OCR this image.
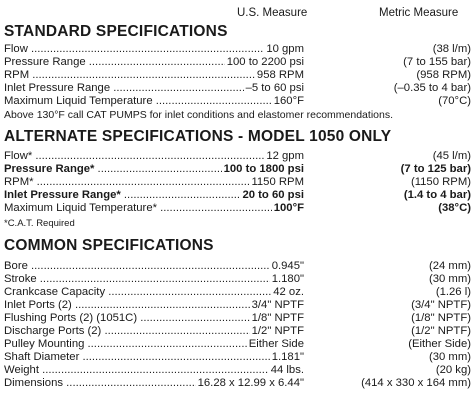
U.S. Measure	Metric Measure
STANDARD SPECIFICATIONS
Flow .....	10 gpm	(38 l/m)
Pressure Range .....	100 to 2200 psi	(7 to 155 bar)
RPM .....	958 RPM	(958 RPM)
Inlet Pressure Range .....	–5 to 60 psi	(–0.35 to 4 bar)
Maximum Liquid Temperature .....	160°F	(70°C)
Above 130°F call CAT PUMPS for inlet conditions and elastomer recommendations.
ALTERNATE SPECIFICATIONS - MODEL 1050 ONLY
Flow* .....	12 gpm	(45 l/m)
Pressure Range* .....	100 to 1800 psi	(7 to 125 bar)
RPM* .....	1150 RPM	(1150 RPM)
Inlet Pressure Range* .....	20 to 60 psi	(1.4 to 4 bar)
Maximum Liquid Temperature* .....	100°F	(38°C)
*C.A.T. Required
COMMON SPECIFICATIONS
Bore .....	0.945"	(24 mm)
Stroke .....	1.180"	(30 mm)
Crankcase Capacity .....	42 oz.	(1.26 l)
Inlet Ports (2) .....	3/4" NPTF	(3/4" NPTF)
Flushing Ports (2) (1051C) .....	1/8" NPTF	(1/8" NPTF)
Discharge Ports (2) .....	1/2" NPTF	(1/2" NPTF)
Pulley Mounting .....	Either Side	(Either Side)
Shaft Diameter .....	1.181"	(30 mm)
Weight .....	44 lbs.	(20 kg)
Dimensions .....	16.28 x 12.99 x 6.44"	(414 x 330 x 164 mm)
